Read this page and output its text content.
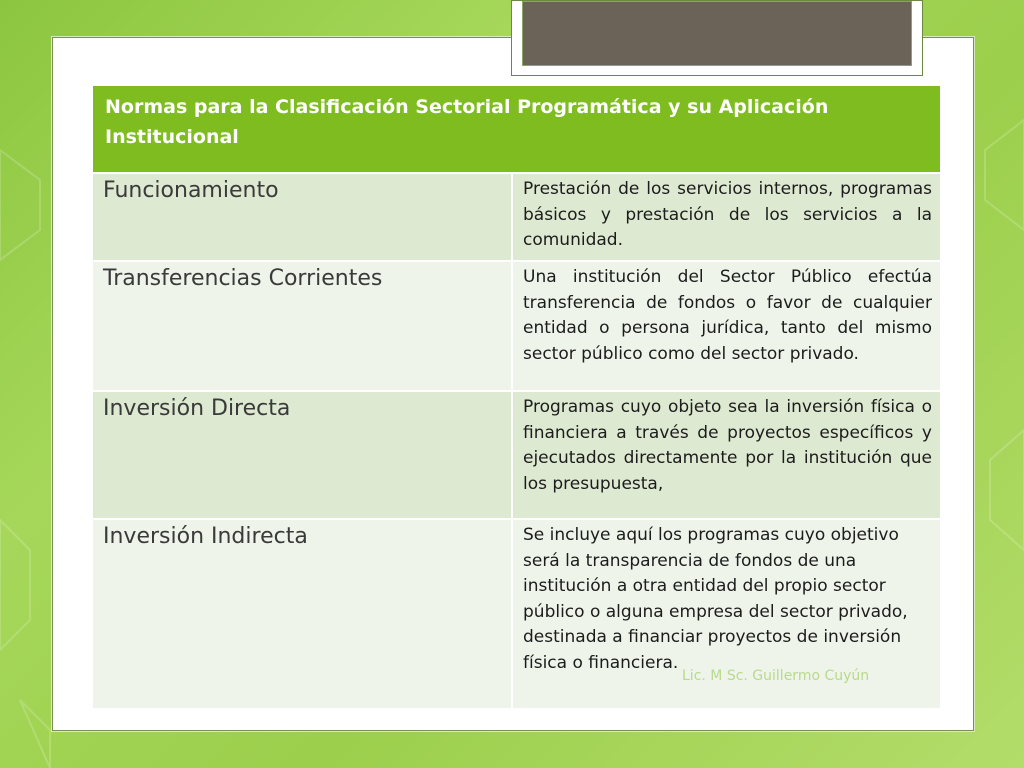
Normas para la Clasificación Sectorial Programática y su Aplicación Institucional
Funcionamiento	Prestación de los servicios internos, programas básicos y prestación de los servicios a la comunidad.
Transferencias Corrientes	Una institución del Sector Público efectúa transferencia de fondos o favor de cualquier entidad o persona jurídica, tanto del mismo sector público como del sector privado.
Inversión Directa	Programas cuyo objeto sea la inversión física o financiera a través de proyectos específicos y ejecutados directamente por la institución que los presupuesta,
Inversión Indirecta	Se incluye aquí los programas cuyo objetivo será la transparencia de fondos de una institución a otra entidad del propio sector público o alguna empresa del sector privado, destinada a financiar proyectos de inversión física o financiera.
Lic. M Sc. Guillermo Cuyún
